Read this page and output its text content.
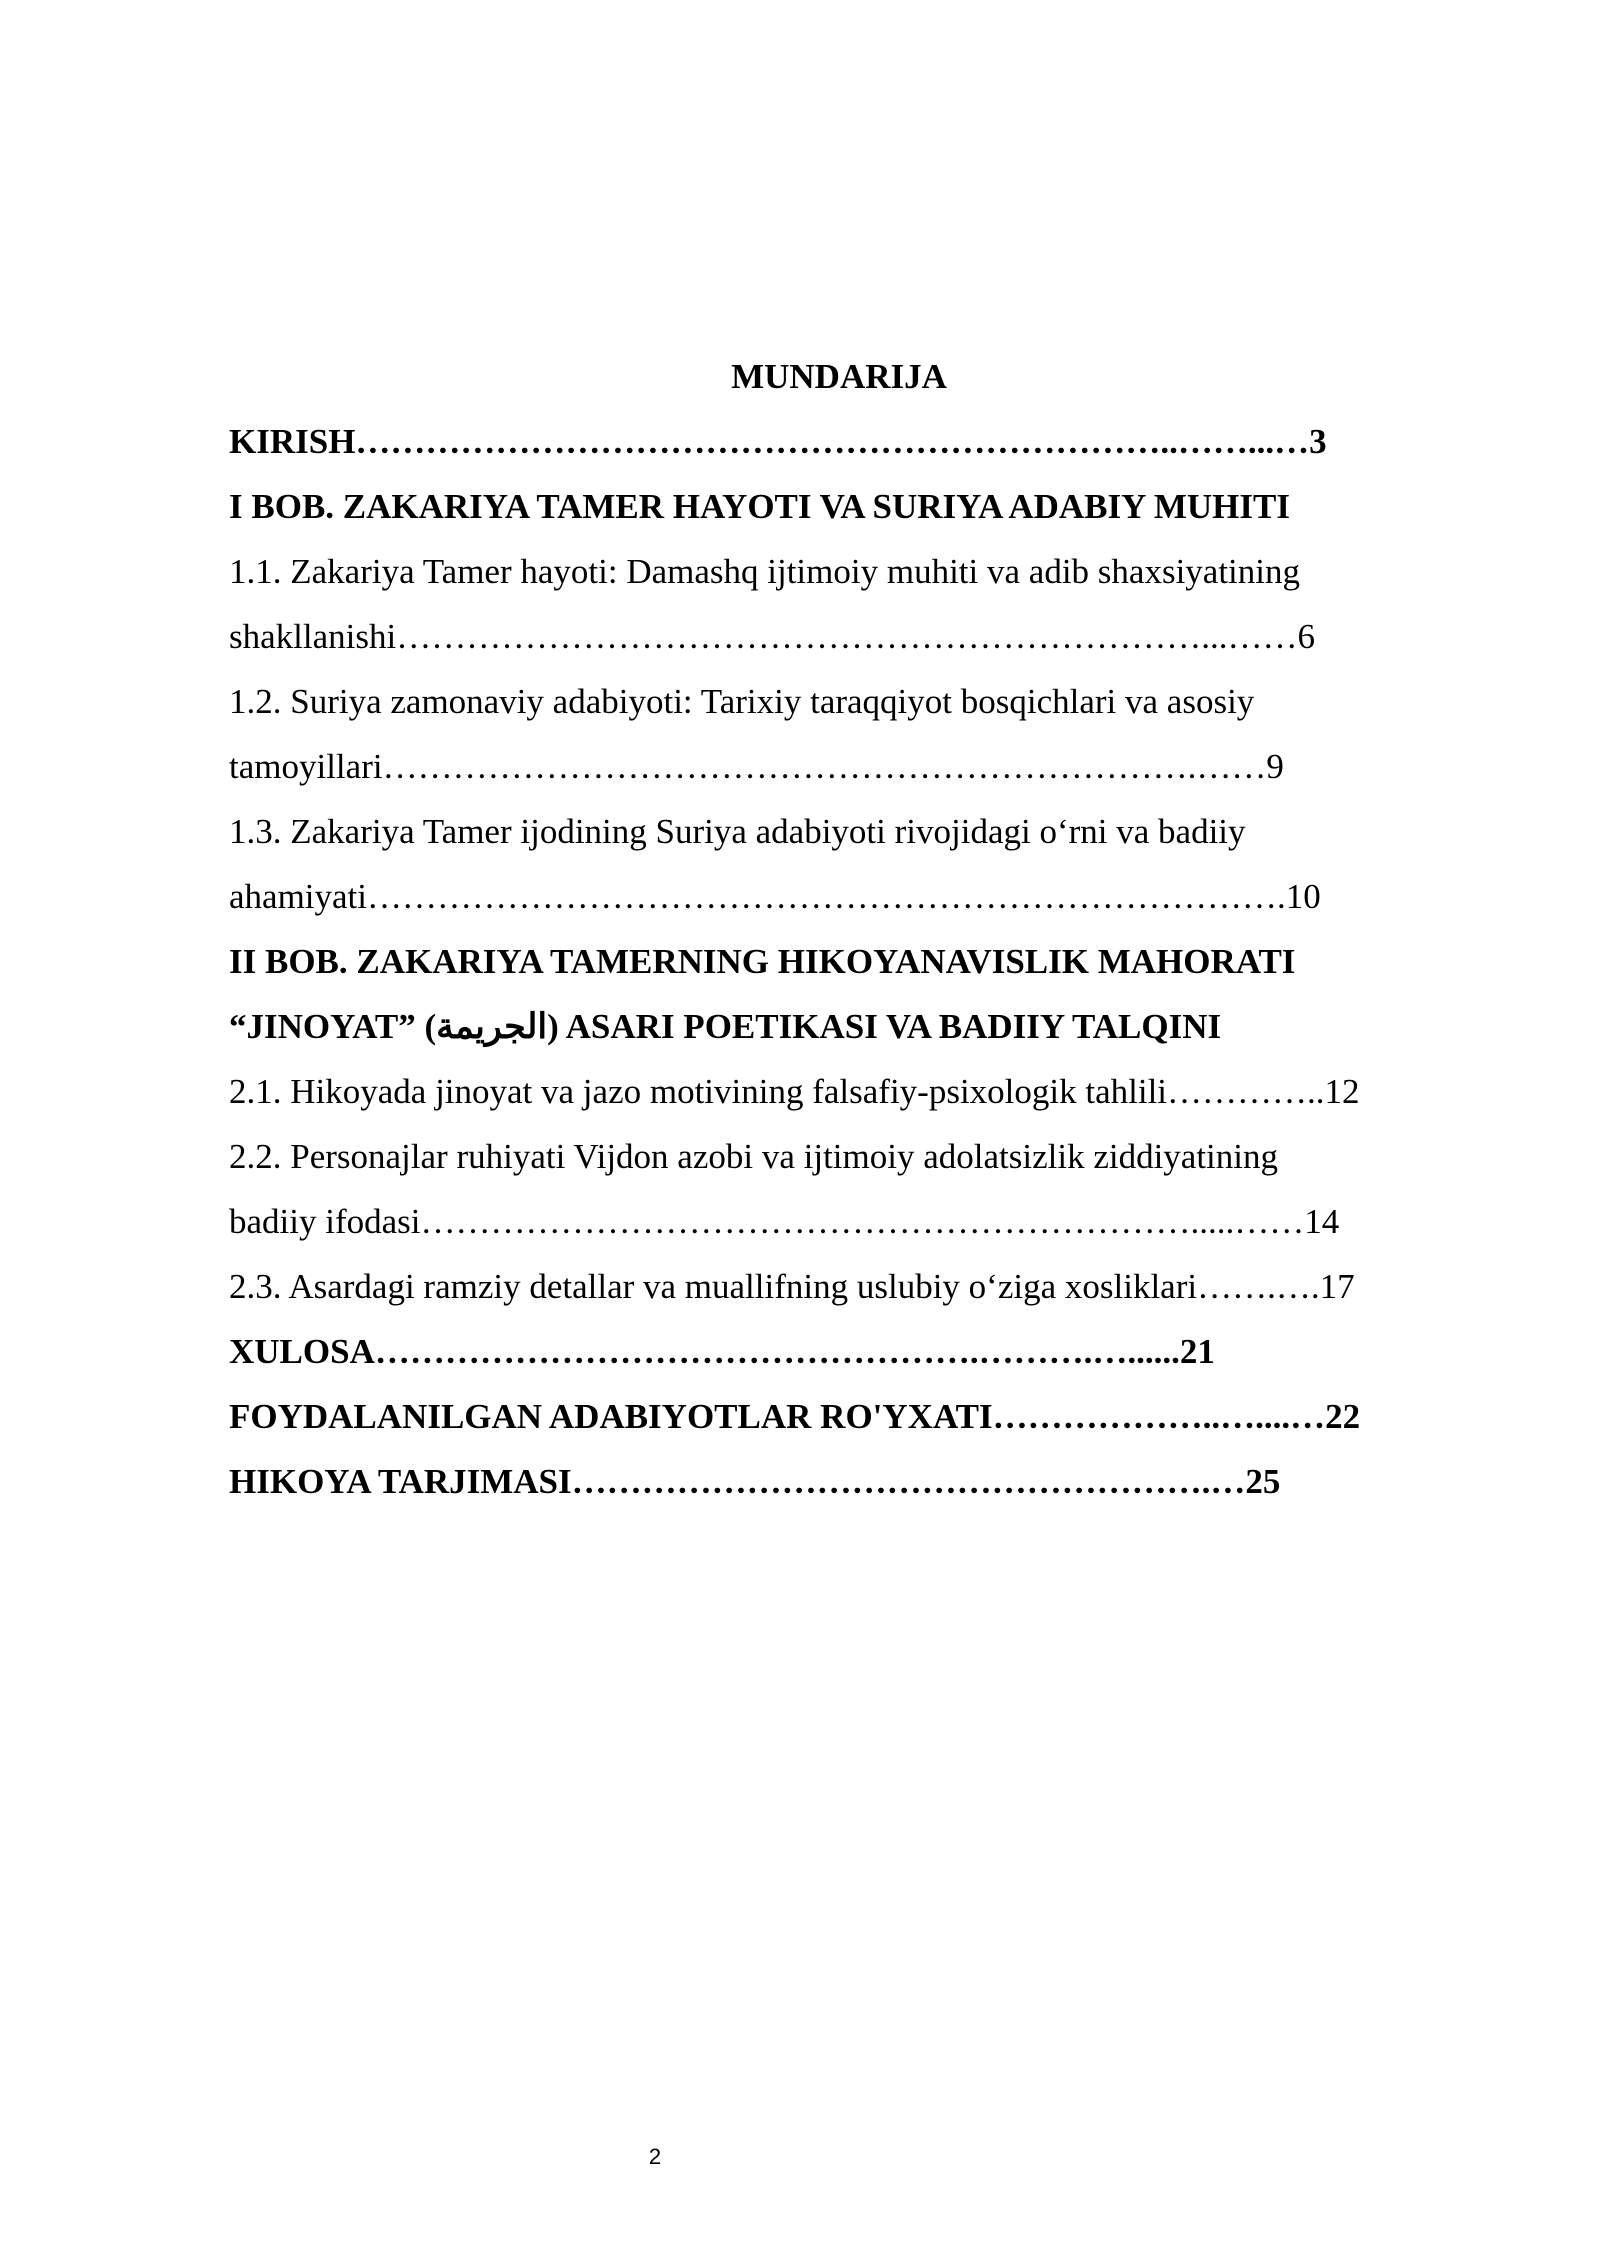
MUNDARIJA
KIRISH……………………………………………………………..……...…3
I BOB. ZAKARIYA TAMER HAYOTI VA SURIYA ADABIY MUHITI
1.1. Zakariya Tamer hayoti: Damashq ijtimoiy muhiti va adib shaxsiyatining
shakllanishi……………………………………………………………...……6
1.2. Suriya zamonaviy adabiyoti: Tarixiy taraqqiyot bosqichlari va asosiy
tamoyillari…………………………………………………………….……9
1.3. Zakariya Tamer ijodining Suriya adabiyoti rivojidagi o‘rni va badiiy
ahamiyati…………………………………………………………………….10
II BOB. ZAKARIYA TAMERNING HIKOYANAVISLIK MAHORATI
“JINOYAT” (الجريمة) ASARI POETIKASI VA BADIIY TALQINI
2.1. Hikoyada jinoyat va jazo motivining falsafiy-psixologik tahlili…………..12
2.2. Personajlar ruhiyati Vijdon azobi va ijtimoiy adolatsizlik ziddiyatining
badiiy ifodasi………………………………………………………….....……14
2.3. Asardagi ramziy detallar va muallifning uslubiy o‘ziga xosliklari…….….17
XULOSA…………………………………………….……….…......21
FOYDALANILGAN ADABIYOTLAR RO'YXATI………………..…....…22
HIKOYA TARJIMASI……………………………………………….…25
2
